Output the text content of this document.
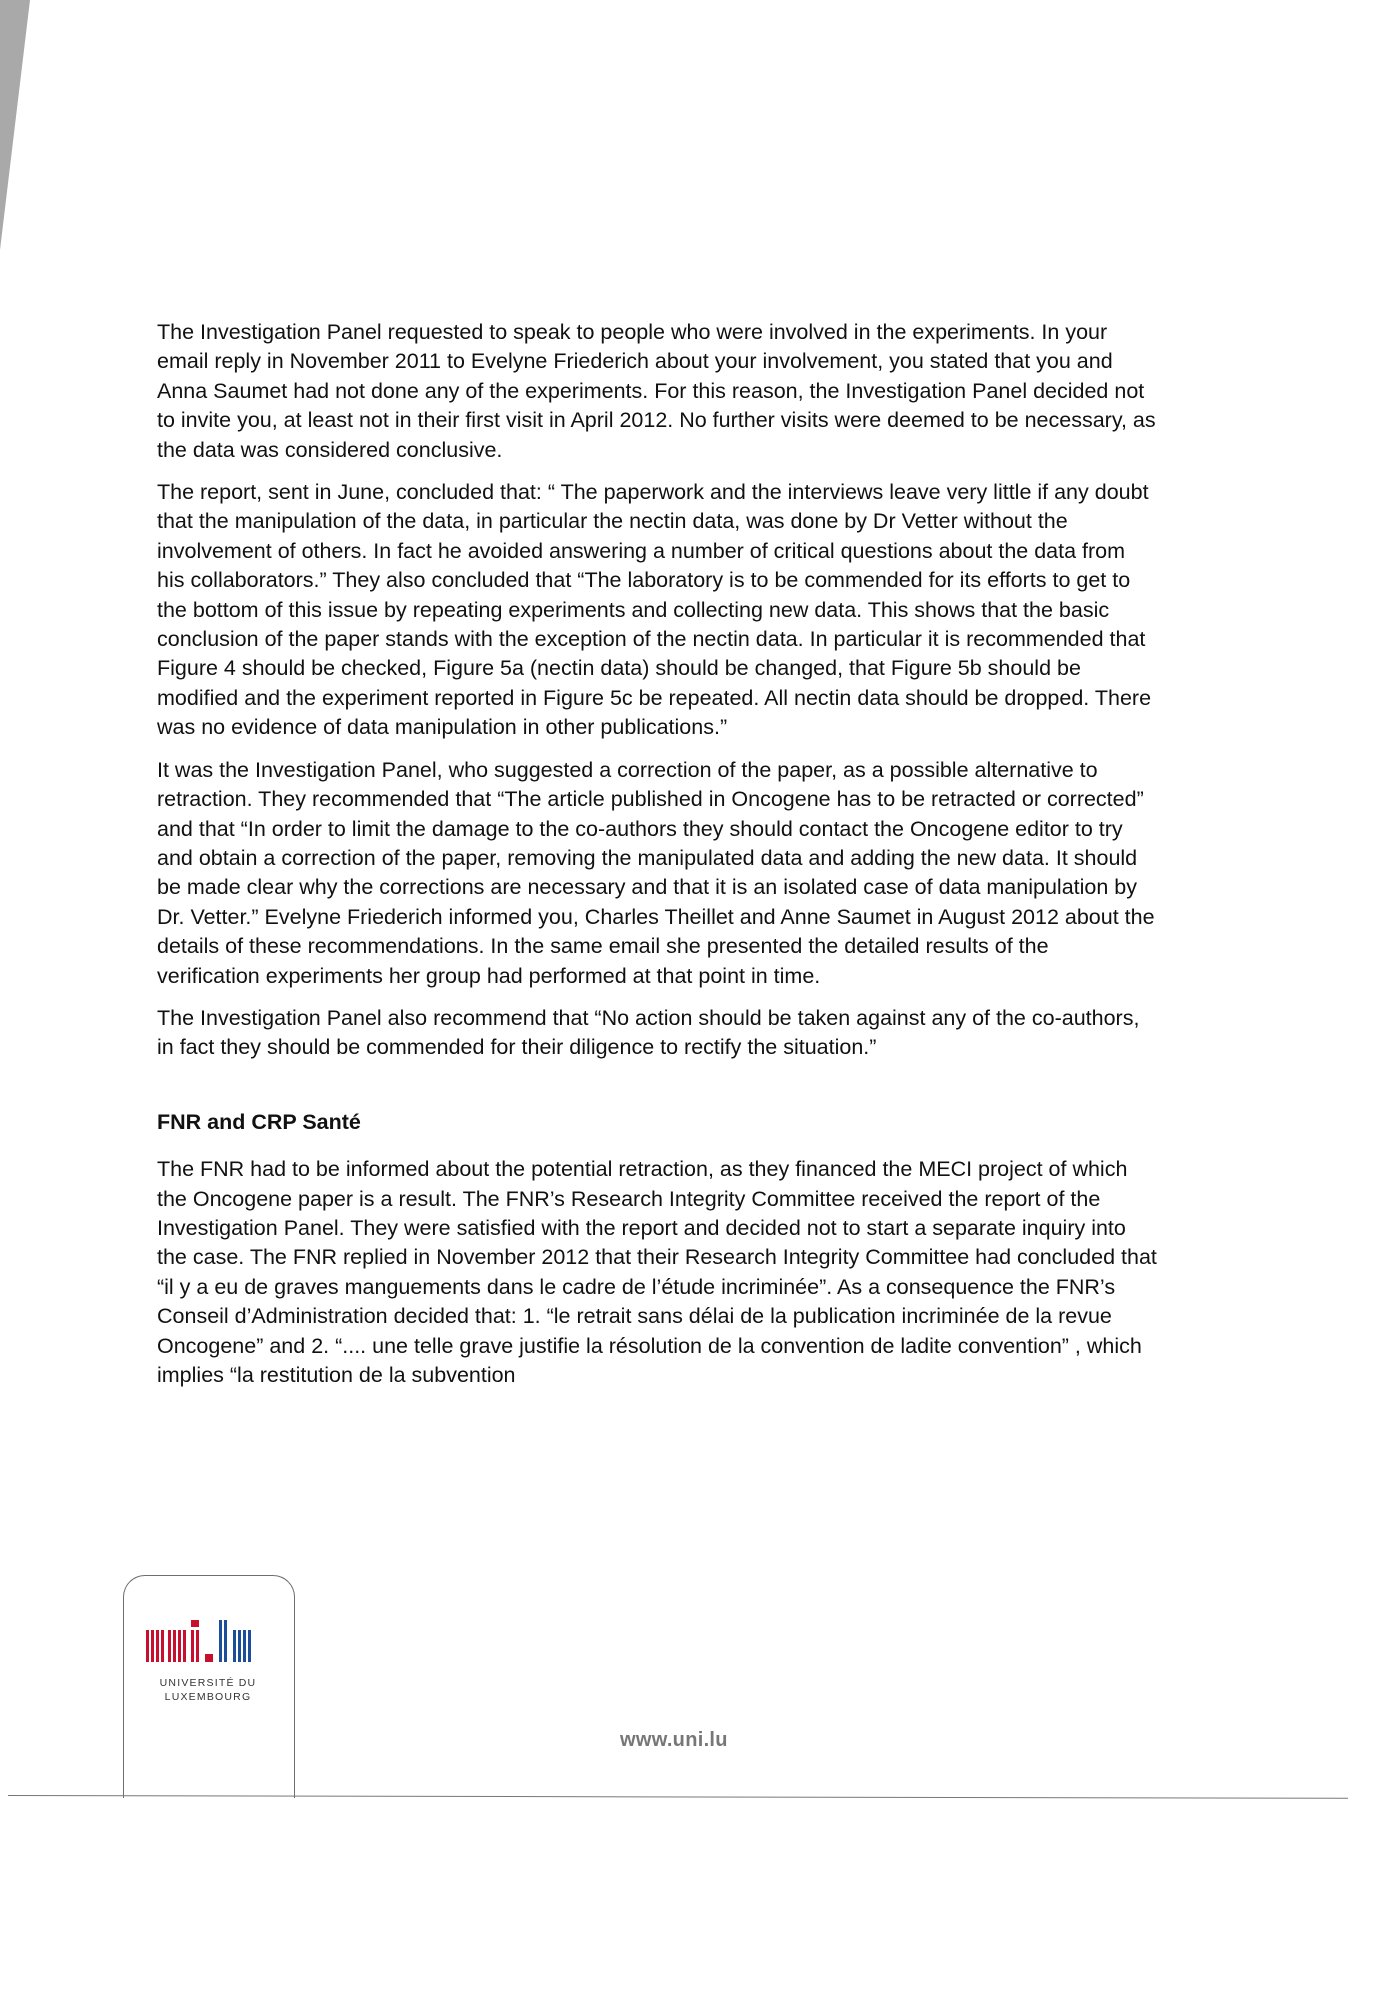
The Investigation Panel requested to speak to people who were involved in the experiments. In your email reply in November 2011 to Evelyne Friederich about your involvement, you stated that you and Anna Saumet had not done any of the experiments. For this reason, the Investigation Panel decided not to invite you, at least not in their first visit in April 2012. No further visits were deemed to be necessary, as the data was considered conclusive.

The report, sent in June, concluded that: “ The paperwork and the interviews leave very little if any doubt that the manipulation of the data, in particular the nectin data, was done by Dr Vetter without the involvement of others. In fact he avoided answering a number of critical questions about the data from his collaborators.” They also concluded that “The laboratory is to be commended for its efforts to get to the bottom of this issue by repeating experiments and collecting new data. This shows that the basic conclusion of the paper stands with the exception of the nectin data. In particular it is recommended that Figure 4 should be checked, Figure 5a (nectin data) should be changed, that Figure 5b should be modified and the experiment reported in Figure 5c be repeated. All nectin data should be dropped. There was no evidence of data manipulation in other publications.”

It was the Investigation Panel, who suggested a correction of the paper, as a possible alternative to retraction. They recommended that “The article published in Oncogene has to be retracted or corrected” and that “In order to limit the damage to the co-authors they should contact the Oncogene editor to try and obtain a correction of the paper, removing the manipulated data and adding the new data. It should be made clear why the corrections are necessary and that it is an isolated case of data manipulation by Dr. Vetter.” Evelyne Friederich informed you, Charles Theillet and Anne Saumet in August 2012 about the details of these recommendations. In the same email she presented the detailed results of the verification experiments her group had performed at that point in time.

The Investigation Panel also recommend that “No action should be taken against any of the co-authors, in fact they should be commended for their diligence to rectify the situation.”

FNR and CRP Santé

The FNR had to be informed about the potential retraction, as they financed the MECI project of which the Oncogene paper is a result. The FNR’s Research Integrity Committee received the report of the Investigation Panel. They were satisfied with the report and decided not to start a separate inquiry into the case. The FNR replied in November 2012 that their Research Integrity Committee had concluded that “il y a eu de graves manguements dans le cadre de l’étude incriminée”. As a consequence the FNR’s Conseil d’Administration decided that: 1. “le retrait sans délai de la publication incriminée de la revue Oncogene” and 2. “.... une telle grave justifie la résolution de la convention de ladite convention” , which implies “la restitution de la subvention

UNIVERSITÉ DU
LUXEMBOURG
www.uni.lu
